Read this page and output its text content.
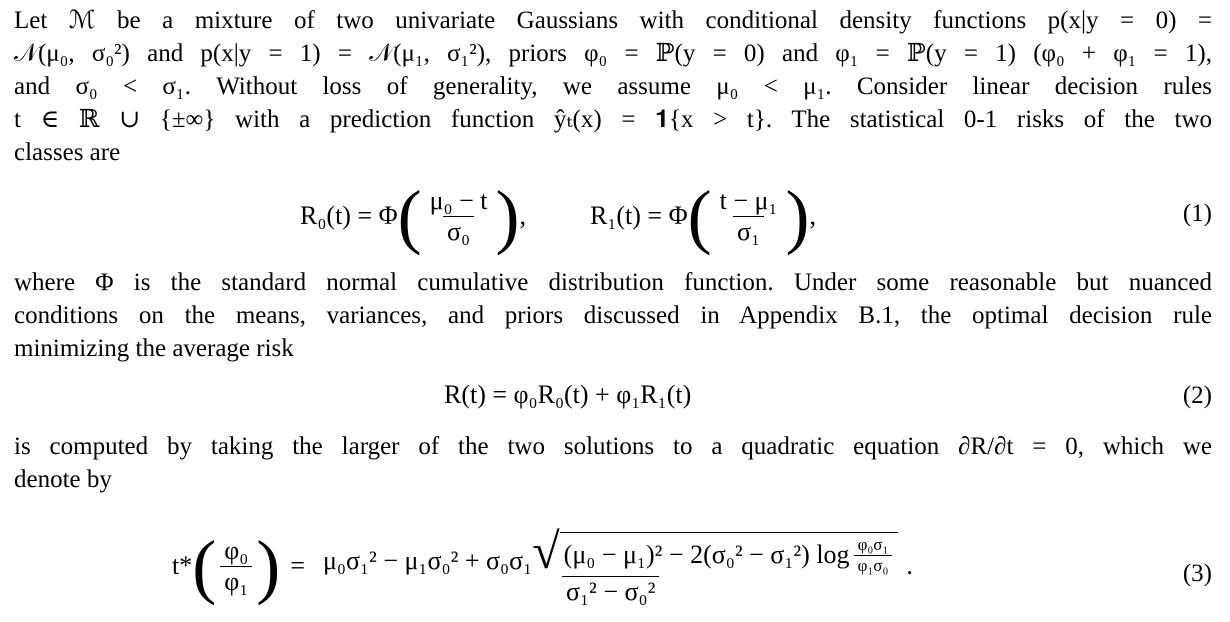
Let ℳ be a mixture of two univariate Gaussians with conditional density functions p(x|y = 0) =
𝒩(μ₀, σ₀²) and p(x|y = 1) = 𝒩(μ₁, σ₁²), priors φ₀ = ℙ(y = 0) and φ₁ = ℙ(y = 1) (φ₀ + φ₁ = 1),
and σ₀ < σ₁. Without loss of generality, we assume μ₀ < μ₁. Consider linear decision rules
t ∈ ℝ ∪ {±∞} with a prediction function ŷₜ(x) = 𝟏{x > t}. The statistical 0-1 risks of the two
classes are
R₀(t) = Φ ( $\frac{\text{μ₀ − t}}{\text{σ₀}}$ ) , R₁(t) = Φ ( $\frac{\text{t − μ₁}}{\text{σ₁}}$ ) ,	(1)
where Φ is the standard normal cumulative distribution function. Under some reasonable but nuanced
conditions on the means, variances, and priors discussed in Appendix B.1, the optimal decision rule
minimizing the average risk
R(t) = φ₀R₀(t) + φ₁R₁(t)	(2)
is computed by taking the larger of the two solutions to a quadratic equation ∂R/∂t = 0, which we
denote by
t* ( $\frac{\text{φ₀}}{\text{φ₁}}$ ) = μ₀σ₁² − μ₁σ₀² + σ₀σ₁ √ (μ₀ − μ₁)² − 2(σ₀² − σ₁²) $\log \frac{\text{φ₀σ₁}}{\text{φ₁σ₀}}$
σ₁² − σ₀²
.	(3)
